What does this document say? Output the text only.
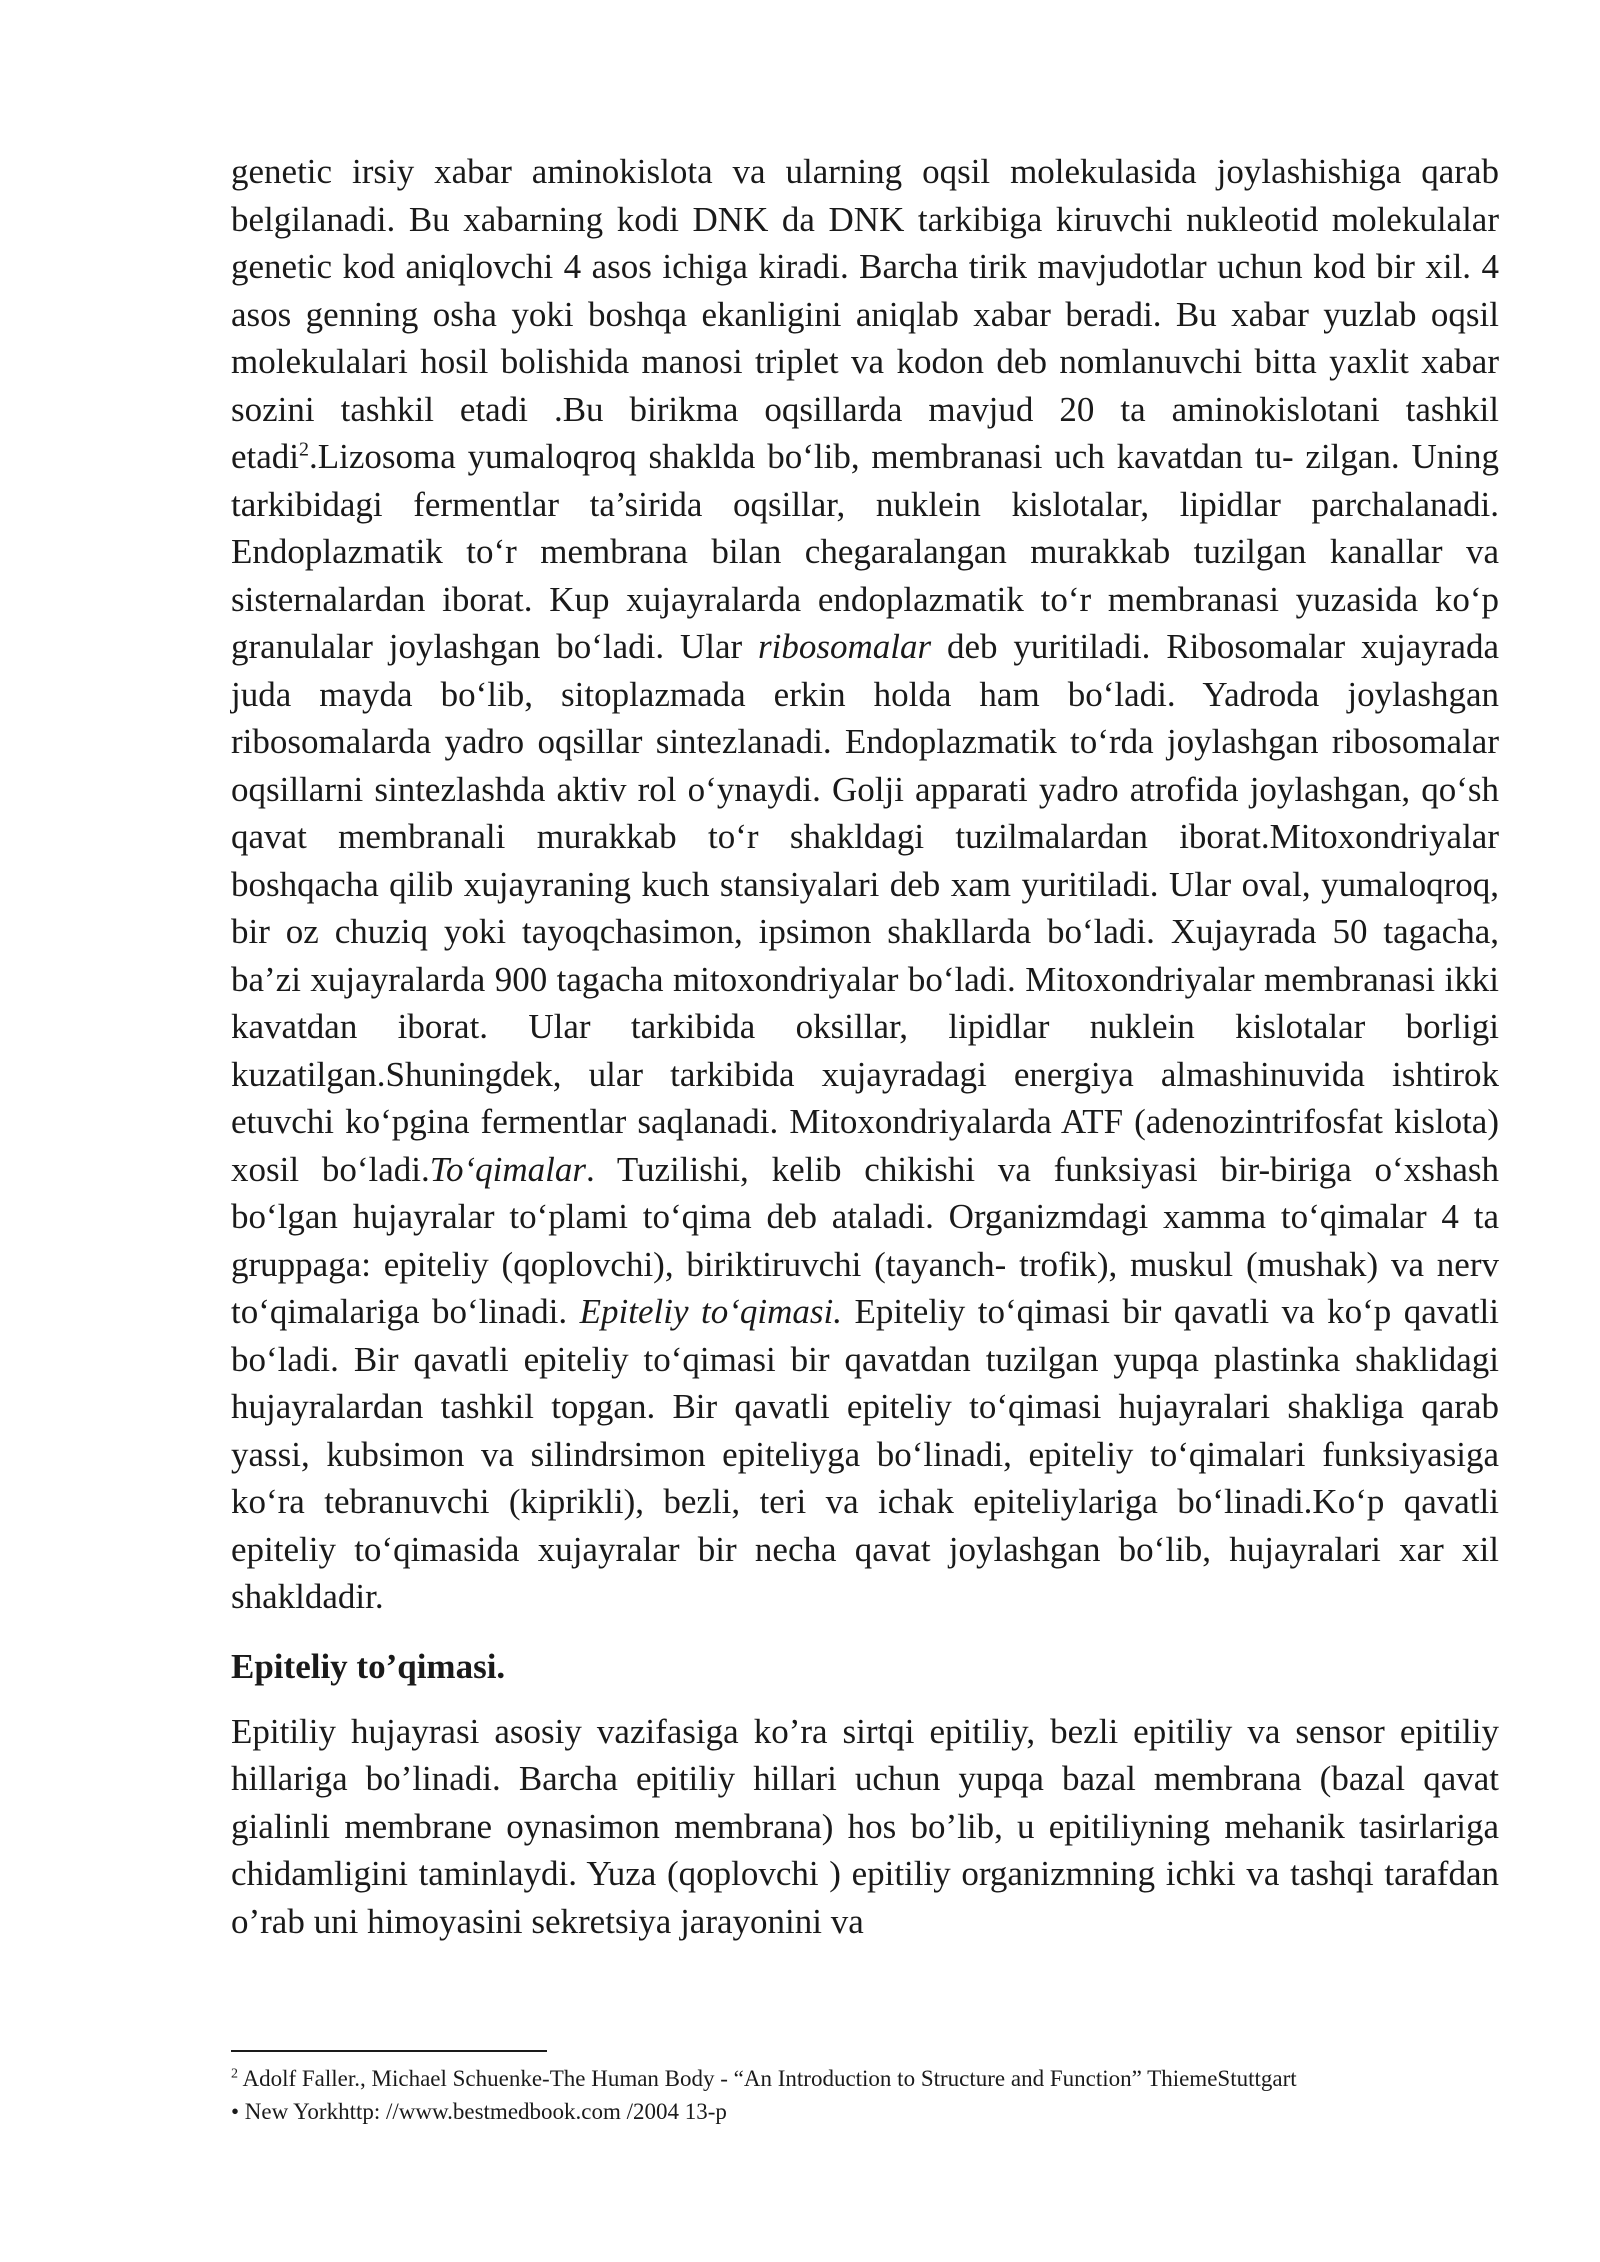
genetic irsiy xabar aminokislota va ularning oqsil molekulasida joylashishiga qarab belgilanadi. Bu xabarning kodi DNK da DNK tarkibiga kiruvchi nukleotid molekulalar genetic kod aniqlovchi 4 asos ichiga kiradi. Barcha tirik mavjudotlar uchun kod bir xil. 4 asos genning osha yoki boshqa ekanligini aniqlab xabar beradi. Bu xabar yuzlab oqsil molekulalari hosil bolishida manosi triplet va kodon deb nomlanuvchi bitta yaxlit xabar sozini tashkil etadi .Bu birikma oqsillarda mavjud 20 ta aminokislotani tashkil etadi$^2$.Lizosoma yumaloqroq shaklda bo‘lib, membranasi uch kavatdan tu- zilgan. Uning tarkibidagi fermentlar ta’sirida oqsillar, nuklein kislotalar, lipidlar parchalanadi. Endoplazmatik to‘r membrana bilan chegaralangan murakkab tuzilgan kanallar va sisternalardan iborat. Kup xujayralarda endoplazmatik to‘r membranasi yuzasida ko‘p granulalar joylashgan bo‘ladi. Ular ribosomalar deb yuritiladi. Ribosomalar xujayrada juda mayda bo‘lib, sitoplazmada erkin holda ham bo‘ladi. Yadroda joylashgan ribosomalarda yadro oqsillar sintezlanadi. Endoplazmatik to‘rda joylashgan ribosomalar oqsillarni sintezlashda aktiv rol o‘ynaydi. Golji apparati yadro atrofida joylashgan, qo‘sh qavat membranali murakkab to‘r shakldagi tuzilmalardan iborat.Mitoxondriyalar boshqacha qilib xujayraning kuch stansiyalari deb xam yuritiladi. Ular oval, yumaloqroq, bir oz chuziq yoki tayoqchasimon, ipsimon shakllarda bo‘ladi. Xujayrada 50 tagacha, ba’zi xujayralarda 900 tagacha mitoxondriyalar bo‘ladi. Mitoxondriyalar membranasi ikki kavatdan iborat. Ular tarkibida oksillar, lipidlar nuklein kislotalar borligi kuzatilgan.Shuningdek, ular tarkibida xujayradagi energiya almashinuvida ishtirok etuvchi ko‘pgina fermentlar saqlanadi. Mitoxondriyalarda ATF (adenozintrifosfat kislota) xosil bo‘ladi.To‘qimalar. Tuzilishi, kelib chikishi va funksiyasi bir-biriga o‘xshash bo‘lgan hujayralar to‘plami to‘qima deb ataladi. Organizmdagi xamma to‘qimalar 4 ta gruppaga: epiteliy (qoplovchi), biriktiruvchi (tayanch- trofik), muskul (mushak) va nerv to‘qimalariga bo‘linadi. Epiteliy to‘qimasi. Epiteliy to‘qimasi bir qavatli va ko‘p qavatli bo‘ladi. Bir qavatli epiteliy to‘qimasi bir qavatdan tuzilgan yupqa plastinka shaklidagi hujayralardan tashkil topgan. Bir qavatli epiteliy to‘qimasi hujayralari shakliga qarab yassi, kubsimon va silindrsimon epiteliyga bo‘linadi, epiteliy to‘qimalari funksiyasiga ko‘ra tebranuvchi (kiprikli), bezli, teri va ichak epiteliylariga bo‘linadi.Ko‘p qavatli epiteliy to‘qimasida xujayralar bir necha qavat joylashgan bo‘lib, hujayralari xar xil shakldadir.

Epiteliy to’qimasi.

Epitiliy hujayrasi asosiy vazifasiga ko’ra sirtqi epitiliy, bezli epitiliy va sensor epitiliy hillariga bo’linadi. Barcha epitiliy hillari uchun yupqa bazal membrana (bazal qavat gialinli membrane oynasimon membrana) hos bo’lib, u epitiliyning mehanik tasirlariga chidamligini taminlaydi. Yuza (qoplovchi ) epitiliy organizmning ichki va tashqi tarafdan o’rab uni himoyasini sekretsiya jarayonini va

$^2$ Adolf Faller., Michael Schuenke-The Human Body - “An Introduction to Structure and Function” ThiemeStuttgart

• New Yorkhttp: //www.bestmedbook.com /2004 13-p
